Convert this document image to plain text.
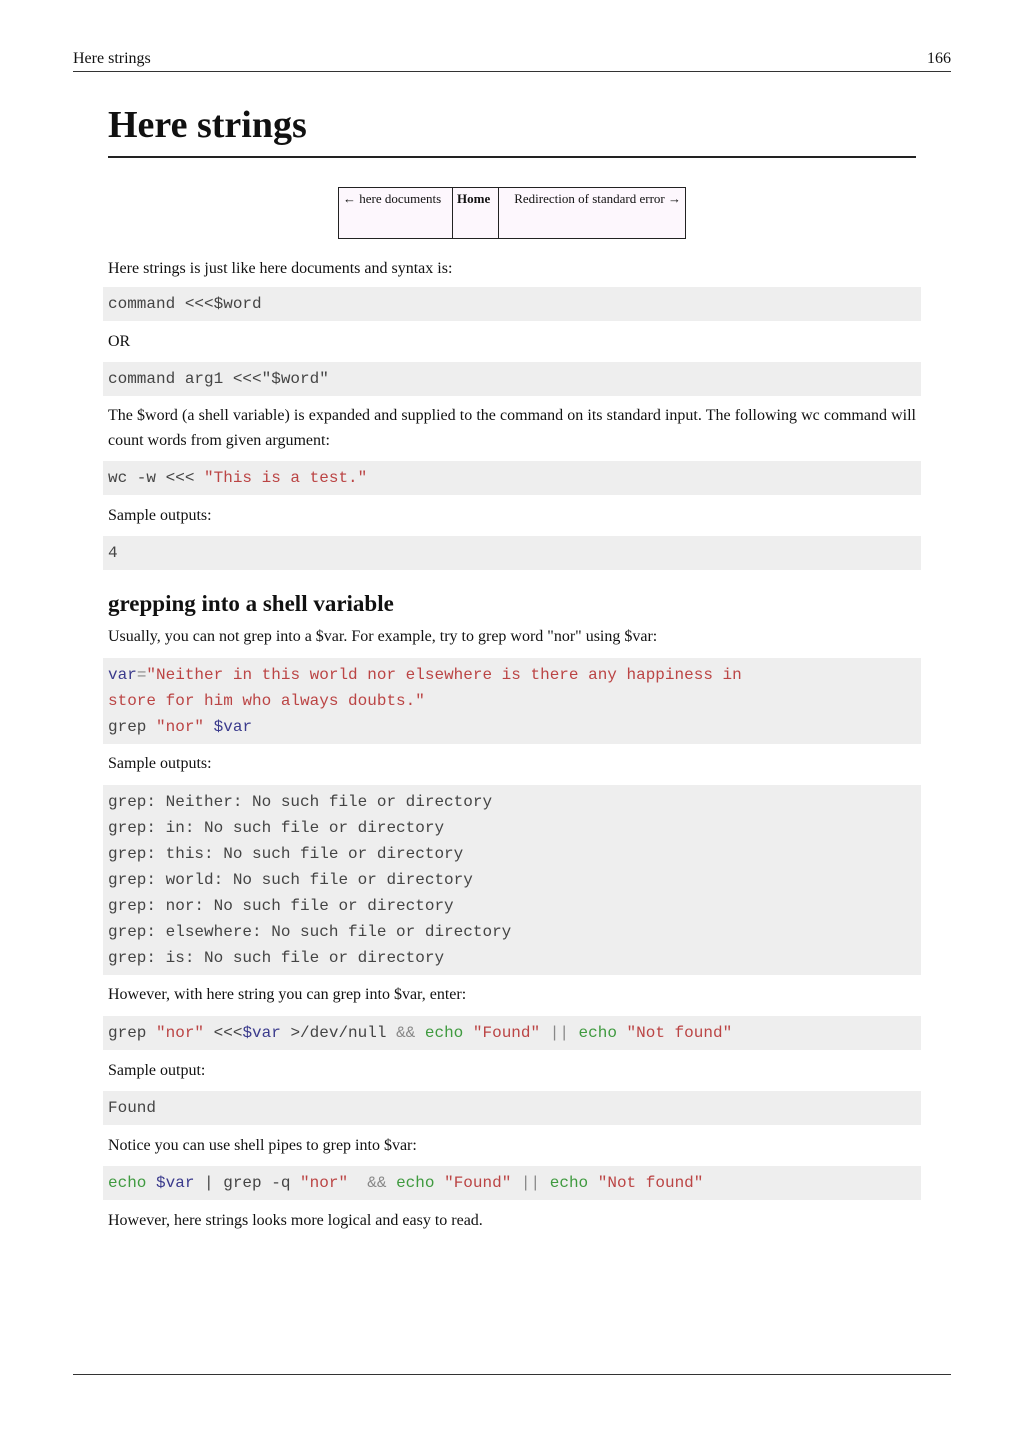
Here strings	166
Here strings
← here documents	Home	Redirection of standard error →

Here strings is just like here documents and syntax is:

command <<<$word

OR

command arg1 <<<"$word"

The $word (a shell variable) is expanded and supplied to the command on its standard input. The following wc command will count words from given argument:

wc -w <<< "This is a test."

Sample outputs:

4
grepping into a shell variable

Usually, you can not grep into a $var. For example, try to grep word "nor" using $var:

var="Neither in this world nor elsewhere is there any happiness in
store for him who always doubts."
grep "nor" $var

Sample outputs:

grep: Neither: No such file or directory
grep: in: No such file or directory
grep: this: No such file or directory
grep: world: No such file or directory
grep: nor: No such file or directory
grep: elsewhere: No such file or directory
grep: is: No such file or directory

However, with here string you can grep into $var, enter:

grep "nor" <<<$var >/dev/null && echo "Found" || echo "Not found"

Sample output:

Found

Notice you can use shell pipes to grep into $var:

echo $var | grep -q "nor" && echo "Found" || echo "Not found"

However, here strings looks more logical and easy to read.
